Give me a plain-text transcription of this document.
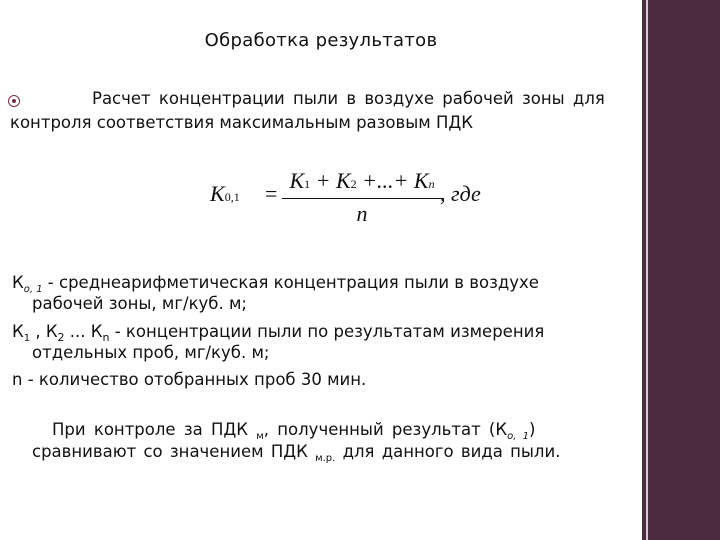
Обработка результатов
Расчет концентрации пыли в воздухе рабочей зоны для
контроля соответствия максимальным разовым ПДК
K0,1 =
K1 + K2 +...+ Kn
n
, где
$К_{о, 1}$ - среднеарифметическая концентрация пыли в воздухе
рабочей зоны, мг/куб. м;
$К_1$ , $К_2$ ... $К_n$ - концентрации пыли по результатам измерения
отдельных проб, мг/куб. м;
n - количество отобранных проб 30 мин.
При контроле за ПДК $_м$, полученный результат $(К_{о, 1})$
сравнивают со значением ПДК $_{м.р.}$ для данного вида пыли.
